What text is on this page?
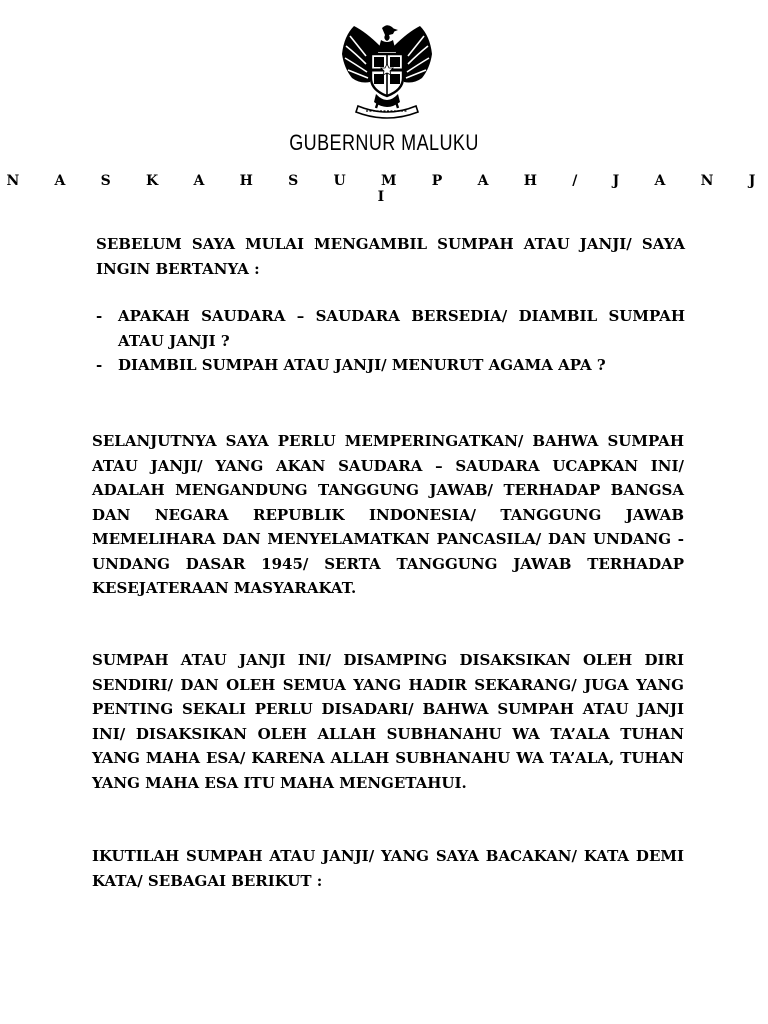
GUBERNUR MALUKU
N A S K A H S U M P A H / J A N J I
SEBELUM SAYA MULAI MENGAMBIL SUMPAH ATAU JANJI/ SAYA INGIN BERTANYA :
- APAKAH SAUDARA – SAUDARA BERSEDIA/ DIAMBIL SUMPAH ATAU JANJI ?
- DIAMBIL SUMPAH ATAU JANJI/ MENURUT AGAMA APA ?
SELANJUTNYA SAYA PERLU MEMPERINGATKAN/ BAHWA SUMPAH ATAU JANJI/ YANG AKAN SAUDARA – SAUDARA UCAPKAN INI/ ADALAH MENGANDUNG TANGGUNG JAWAB/ TERHADAP BANGSA DAN NEGARA REPUBLIK INDONESIA/ TANGGUNG JAWAB MEMELIHARA DAN MENYELAMATKAN PANCASILA/ DAN UNDANG - UNDANG DASAR 1945/ SERTA TANGGUNG JAWAB TERHADAP KESEJATERAAN MASYARAKAT.
SUMPAH ATAU JANJI INI/ DISAMPING DISAKSIKAN OLEH DIRI SENDIRI/ DAN OLEH SEMUA YANG HADIR SEKARANG/ JUGA YANG PENTING SEKALI PERLU DISADARI/ BAHWA SUMPAH ATAU JANJI INI/ DISAKSIKAN OLEH ALLAH SUBHANAHU WA TA’ALA TUHAN YANG MAHA ESA/ KARENA ALLAH SUBHANAHU WA TA’ALA, TUHAN YANG MAHA ESA ITU MAHA MENGETAHUI.
IKUTILAH SUMPAH ATAU JANJI/ YANG SAYA BACAKAN/ KATA DEMI KATA/ SEBAGAI BERIKUT :
